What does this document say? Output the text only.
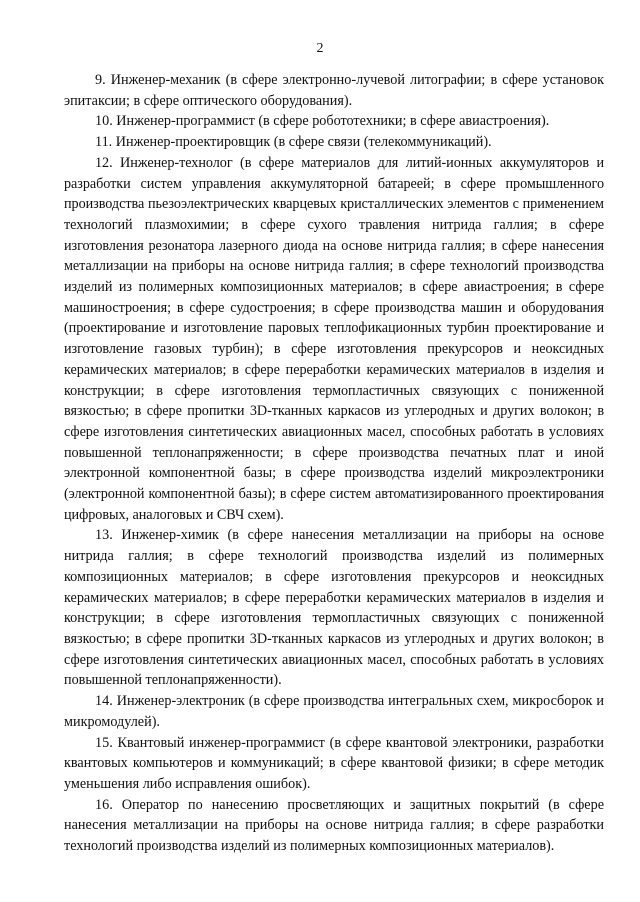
2

9. Инженер-механик (в сфере электронно-лучевой литографии; в сфере установок эпитаксии; в сфере оптического оборудования).

10. Инженер-программист (в сфере робототехники; в сфере авиастроения).

11. Инженер-проектировщик (в сфере связи (телекоммуникаций).

12. Инженер-технолог (в сфере материалов для литий-ионных аккумуляторов и разработки систем управления аккумуляторной батареей; в сфере промышленного производства пьезоэлектрических кварцевых кристаллических элементов с применением технологий плазмохимии; в сфере сухого травления нитрида галлия; в сфере изготовления резонатора лазерного диода на основе нитрида галлия; в сфере нанесения металлизации на приборы на основе нитрида галлия; в сфере технологий производства изделий из полимерных композиционных материалов; в сфере авиастроения; в сфере машиностроения; в сфере судостроения; в сфере производства машин и оборудования (проектирование и изготовление паровых теплофикационных турбин проектирование и изготовление газовых турбин); в сфере изготовления прекурсоров и неоксидных керамических материалов; в сфере переработки керамических материалов в изделия и конструкции; в сфере изготовления термопластичных связующих с пониженной вязкостью; в сфере пропитки 3D-тканных каркасов из углеродных и других волокон; в сфере изготовления синтетических авиационных масел, способных работать в условиях повышенной теплонапряженности; в сфере производства печатных плат и иной электронной компонентной базы; в сфере производства изделий микроэлектроники (электронной компонентной базы); в сфере систем автоматизированного проектирования цифровых, аналоговых и СВЧ схем).

13. Инженер-химик (в сфере нанесения металлизации на приборы на основе нитрида галлия; в сфере технологий производства изделий из полимерных композиционных материалов; в сфере изготовления прекурсоров и неоксидных керамических материалов; в сфере переработки керамических материалов в изделия и конструкции; в сфере изготовления термопластичных связующих с пониженной вязкостью; в сфере пропитки 3D-тканных каркасов из углеродных и других волокон; в сфере изготовления синтетических авиационных масел, способных работать в условиях повышенной теплонапряженности).

14. Инженер-электроник (в сфере производства интегральных схем, микросборок и микромодулей).

15. Квантовый инженер-программист (в сфере квантовой электроники, разработки квантовых компьютеров и коммуникаций; в сфере квантовой физики; в сфере методик уменьшения либо исправления ошибок).

16. Оператор по нанесению просветляющих и защитных покрытий (в сфере нанесения металлизации на приборы на основе нитрида галлия; в сфере разработки технологий производства изделий из полимерных композиционных материалов).
